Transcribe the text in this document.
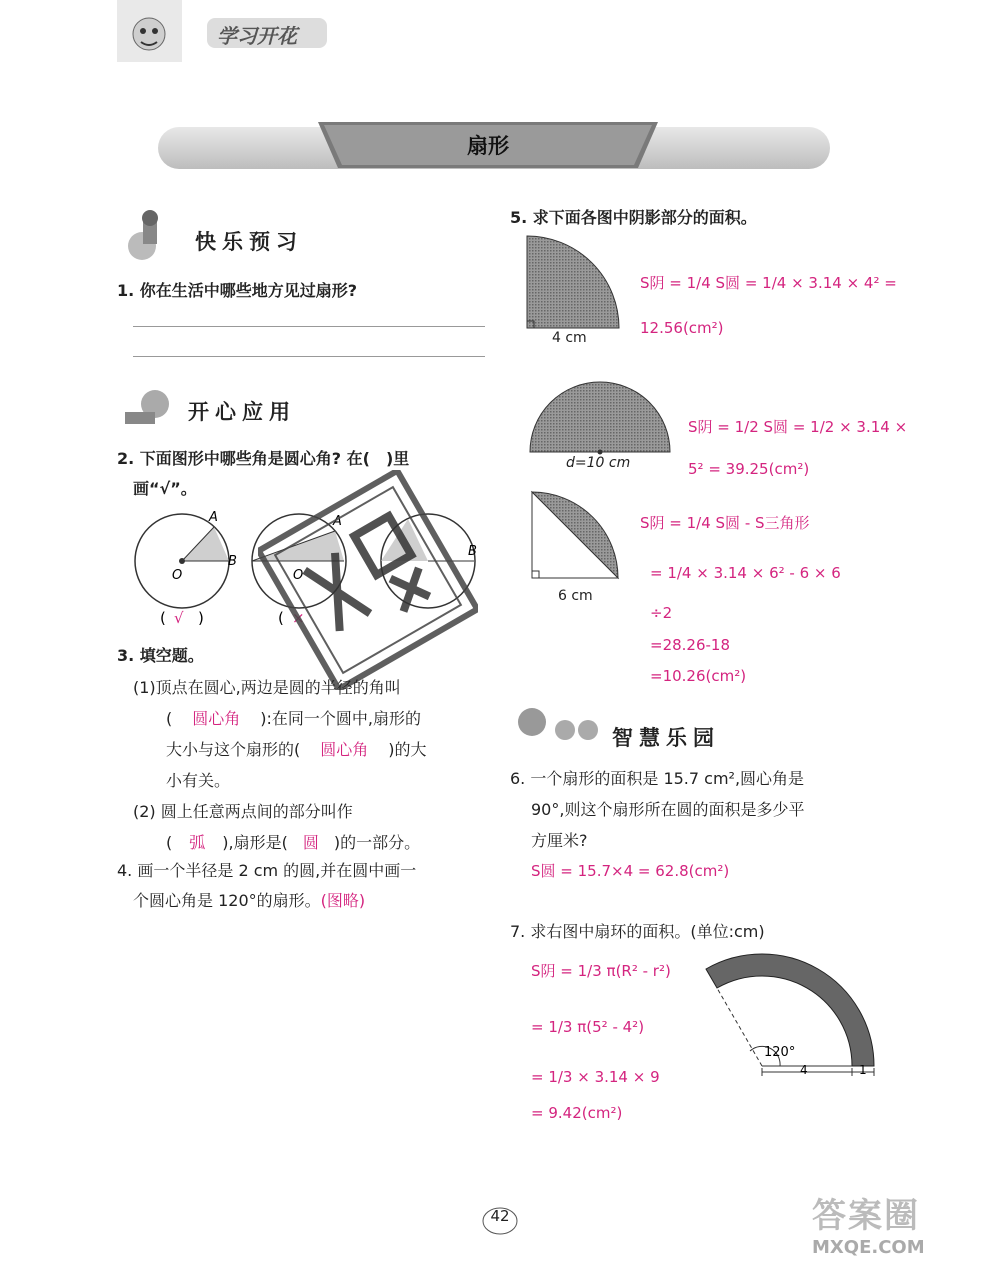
学习开花
扇形
快乐预习
1. 你在生活中哪些地方见过扇形?
开心应用
2. 下面图形中哪些角是圆心角? 在(　)里
画“√”。
A
B
O
A
O
B
( √ )	( ×
3. 填空题。
(1)顶点在圆心,两边是圆的半径的角叫
( 圆心角 ):在同一个圆中,扇形的
大小与这个扇形的( 圆心角 )的大
小有关。
(2) 圆上任意两点间的部分叫作
( 弧 ),扇形是( 圆 )的一部分。
4. 画一个半径是 2 cm 的圆,并在圆中画一
个圆心角是 120°的扇形。(图略)
5. 求下面各图中阴影部分的面积。
4 cm
S阴 = 1/4 S圆 = 1/4 × 3.14 × 4² =
12.56(cm²)
d=10 cm
S阴 = 1/2 S圆 = 1/2 × 3.14 ×
5² = 39.25(cm²)
6 cm
S阴 = 1/4 S圆 - S三角形
= 1/4 × 3.14 × 6² - 6 × 6
÷2
=28.26-18
=10.26(cm²)
智慧乐园
6. 一个扇形的面积是 15.7 cm²,圆心角是
90°,则这个扇形所在圆的面积是多少平
方厘米?
S圆 = 15.7×4 = 62.8(cm²)
7. 求右图中扇环的面积。(单位:cm)
S阴 = 1/3 π(R² - r²)
= 1/3 π(5² - 4²)
= 1/3 × 3.14 × 9
= 9.42(cm²)
120°
4	1
42	答案圈
MXQE.COM
